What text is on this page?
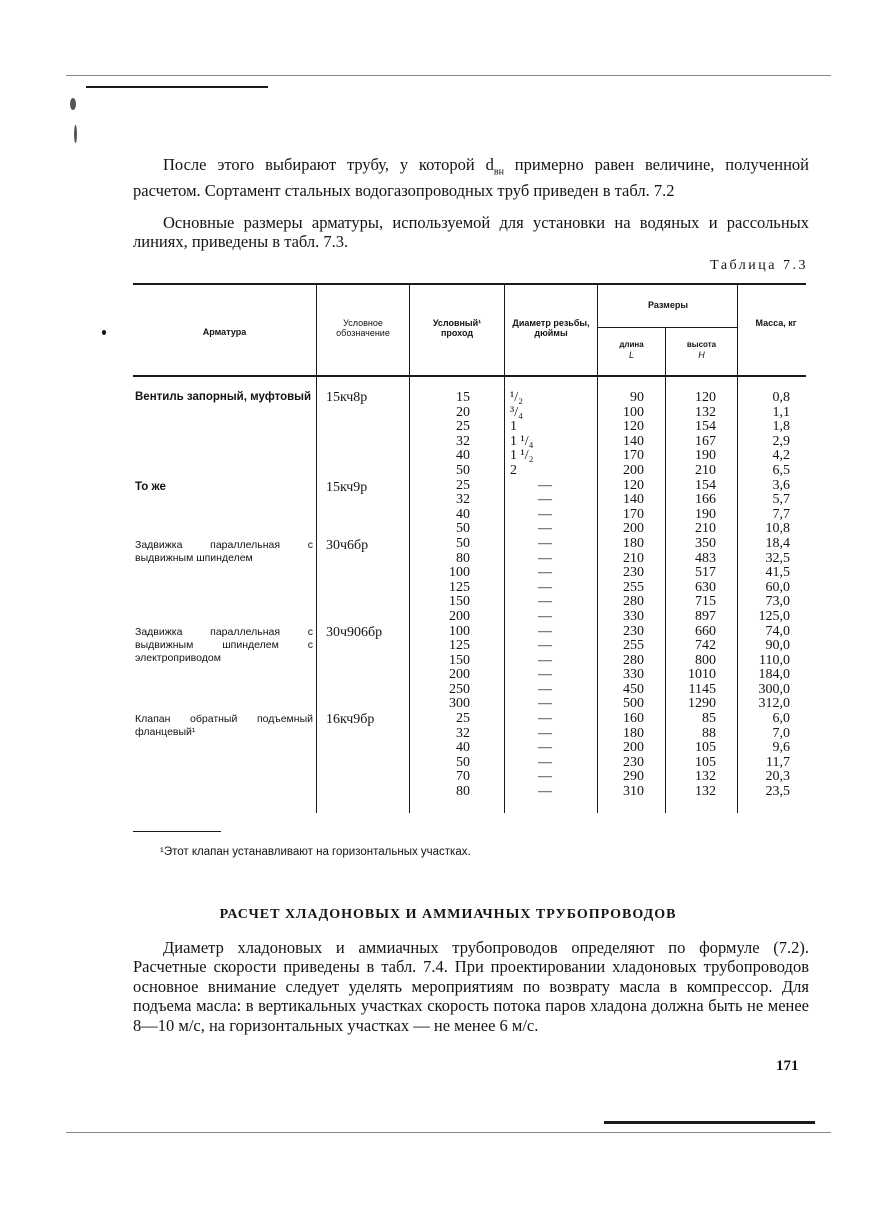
После этого выбирают трубу, у которой $d_{вн}$ примерно равен величине, полученной расчетом. Сортамент стальных водогазопроводных труб приведен в табл. 7.2

Основные размеры арматуры, используемой для установки на водяных и рассольных линиях, приведены в табл. 7.3.

Таблица 7.3
Арматура
Условное обозначение
Условный¹ проход
Диаметр резьбы, дюймы
Размеры
длина
L
высота
H
Масса, кг
Вентиль запорный, муфтовый
То же
Задвижка параллельная с выдвижным шпинделем
Задвижка параллельная с выдвижным шпинделем с электроприводом
Клапан обратный подъемный фланцевый¹
15кч8р
15кч9р
30ч6бр
30ч906бр
16кч9бр
15
20
25
32
40
50
25
32
40
50
50
80
100
125
150
200
100
125
150
200
250
300
25
32
40
50
70
80
¹/₂
³/₄
1
1 ¹/₄
1 ¹/₂
2
—
—
—
—
—
—
—
—
—
—
—
—
—
—
—
—
—
—
—
—
—
—
90
100
120
140
170
200
120
140
170
200
180
210
230
255
280
330
230
255
280
330
450
500
160
180
200
230
290
310
120
132
154
167
190
210
154
166
190
210
350
483
517
630
715
897
660
742
800
1010
1145
1290
85
88
105
105
132
132
0,8
1,1
1,8
2,9
4,2
6,5
3,6
5,7
7,7
10,8
18,4
32,5
41,5
60,0
73,0
125,0
74,0
90,0
110,0
184,0
300,0
312,0
6,0
7,0
9,6
11,7
20,3
23,5
¹Этот клапан устанавливают на горизонтальных участках.
РАСЧЕТ ХЛАДОНОВЫХ И АММИАЧНЫХ ТРУБОПРОВОДОВ

Диаметр хладоновых и аммиачных трубопроводов определяют по формуле (7.2). Расчетные скорости приведены в табл. 7.4. При проектировании хладоновых трубопроводов основное внимание следует уделять мероприятиям по возврату масла в компрессор. Для подъема масла: в вертикальных участках скорость потока паров хладона должна быть не менее 8—10 м/с, на горизонтальных участках — не менее 6 м/с.

171
